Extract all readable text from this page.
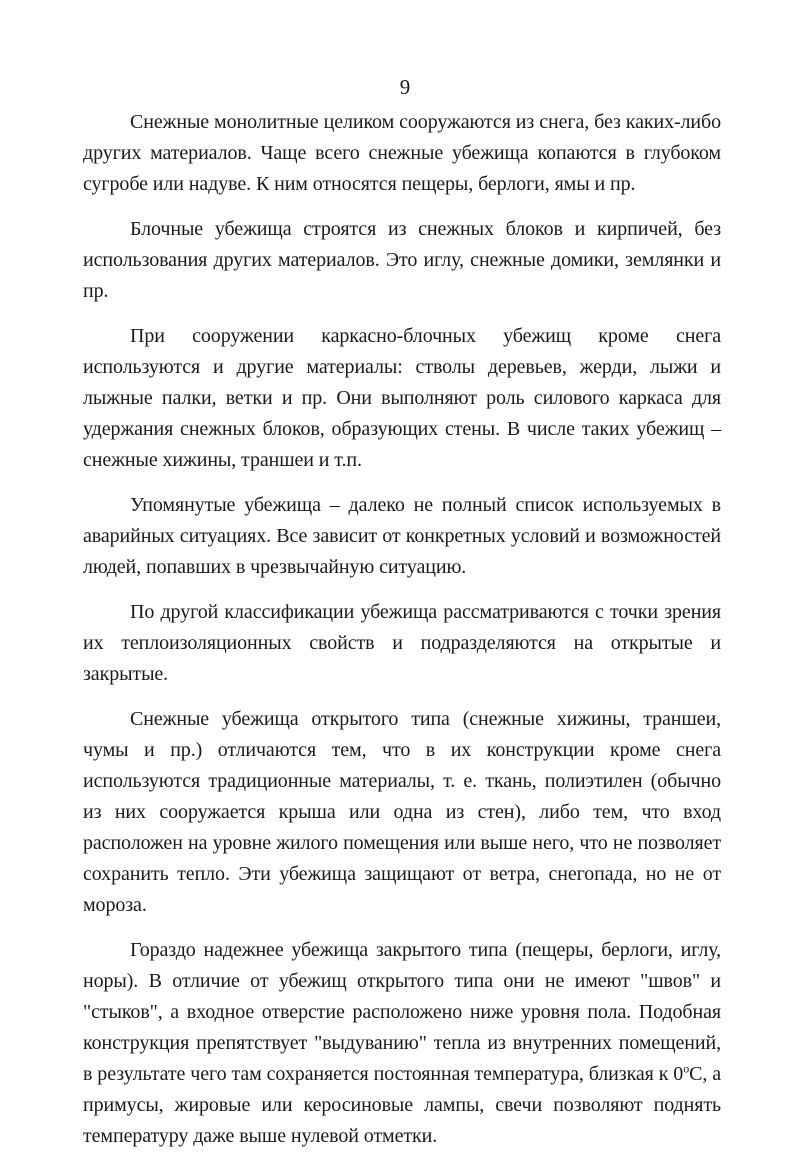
9

Снежные монолитные целиком сооружаются из снега, без каких-либо других материалов. Чаще всего снежные убежища копаются в глубоком сугробе или надуве. К ним относятся пещеры, берлоги, ямы и пр.

Блочные убежища строятся из снежных блоков и кирпичей, без использования других материалов. Это иглу, снежные домики, землянки и пр.

При сооружении каркасно-блочных убежищ кроме снега используются и другие материалы: стволы деревьев, жерди, лыжи и лыжные палки, ветки и пр. Они выполняют роль силового каркаса для удержания снежных блоков, образующих стены. В числе таких убежищ – снежные хижины, траншеи и т.п.

Упомянутые убежища – далеко не полный список используемых в аварийных ситуациях. Все зависит от конкретных условий и возможностей людей, попавших в чрезвычайную ситуацию.

По другой классификации убежища рассматриваются с точки зрения их теплоизоляционных свойств и подразделяются на открытые и закрытые.

Снежные убежища открытого типа (снежные хижины, траншеи, чумы и пр.) отличаются тем, что в их конструкции кроме снега используются традиционные материалы, т. е. ткань, полиэтилен (обычно из них сооружается крыша или одна из стен), либо тем, что вход расположен на уровне жилого помещения или выше него, что не позволяет сохранить тепло. Эти убежища защищают от ветра, снегопада, но не от мороза.

Гораздо надежнее убежища закрытого типа (пещеры, берлоги, иглу, норы). В отличие от убежищ открытого типа они не имеют "швов" и "стыков", а входное отверстие расположено ниже уровня пола. Подобная конструкция препятствует "выдуванию" тепла из внутренних помещений, в результате чего там сохраняется постоянная температура, близкая к 0$^o$С, а примусы, жировые или керосиновые лампы, свечи позволяют поднять температуру даже выше нулевой отметки.
